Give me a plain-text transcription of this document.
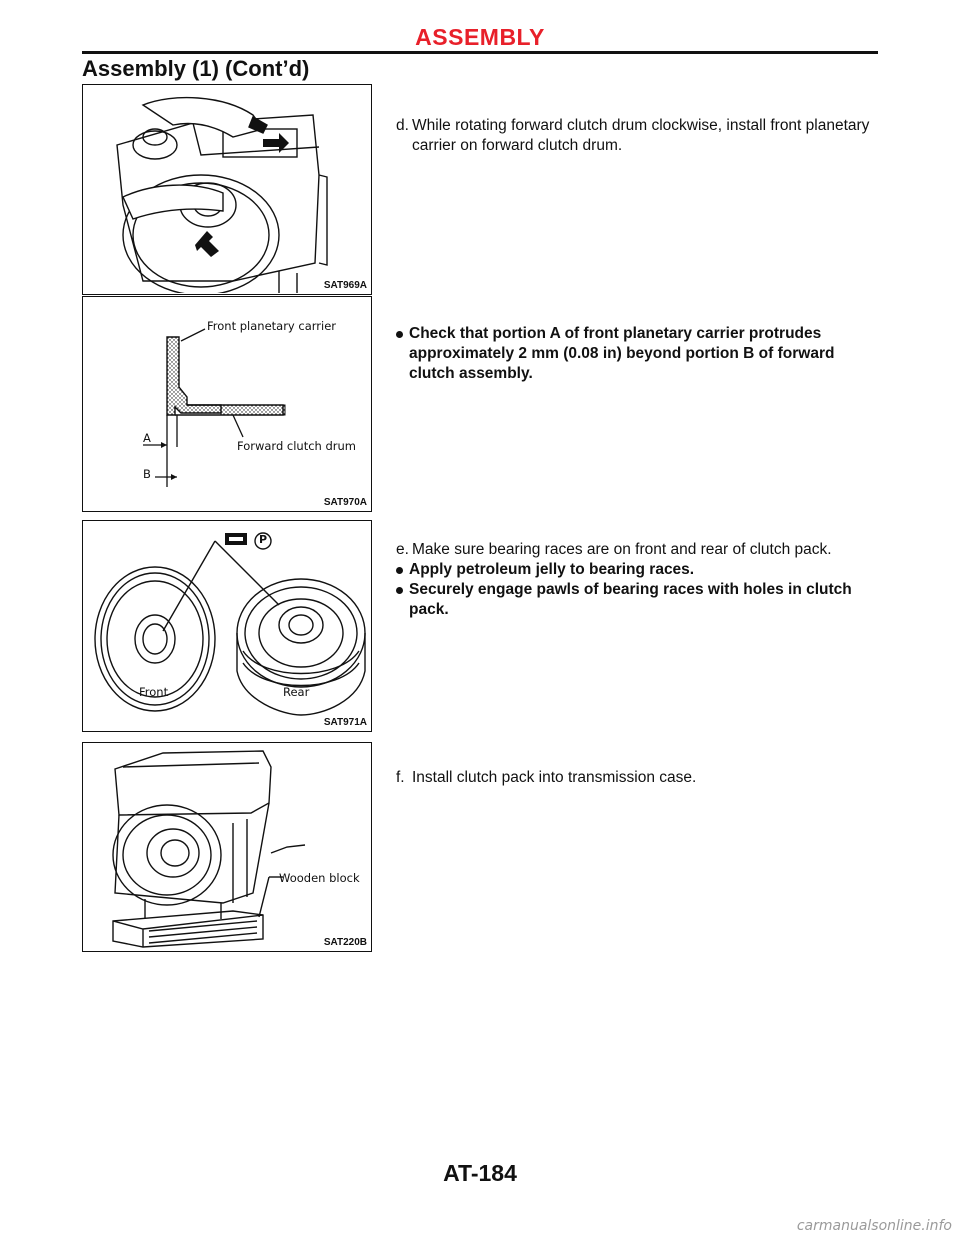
ASSEMBLY
Assembly (1) (Cont’d)
SAT969A

d. While rotating forward clutch drum clockwise, install front planetary carrier on forward clutch drum.

Front planetary carrier
Forward clutch drum
A
B
SAT970A

Check that portion A of front planetary carrier protrudes approximately 2 mm (0.08 in) beyond portion B of forward clutch assembly.

P
Front	Rear
SAT971A

e. Make sure bearing races are on front and rear of clutch pack.

Apply petroleum jelly to bearing races.

Securely engage pawls of bearing races with holes in clutch pack.

Wooden block
SAT220B

f. Install clutch pack into transmission case.

AT-184
carmanualsonline.info
